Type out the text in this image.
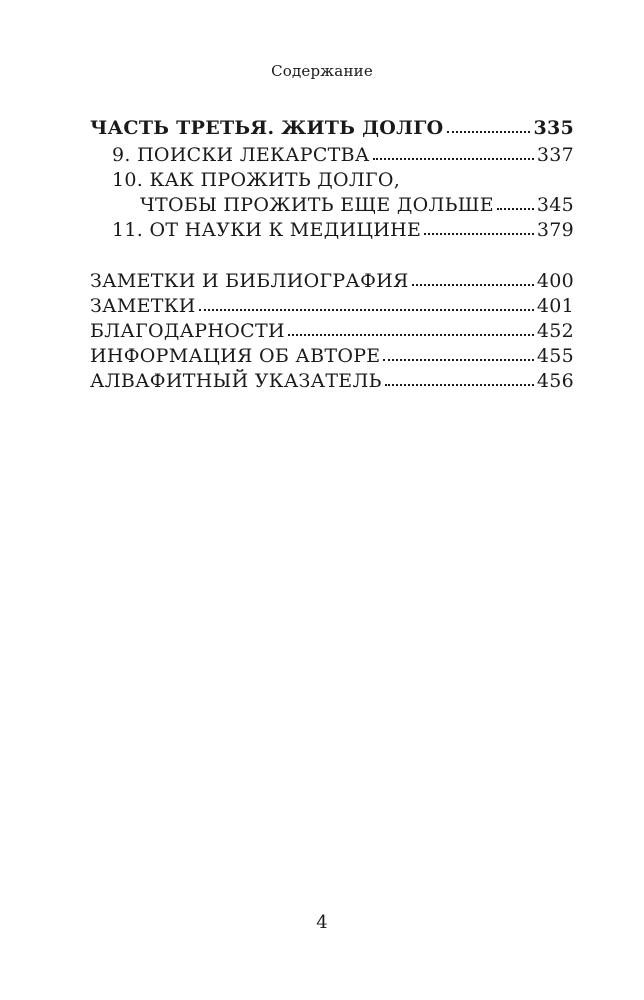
Содержание
ЧАСТЬ ТРЕТЬЯ. ЖИТЬ ДОЛГО	335
9. ПОИСКИ ЛЕКАРСТВА	337
10. КАК ПРОЖИТЬ ДОЛГО,
ЧТОБЫ ПРОЖИТЬ ЕЩЕ ДОЛЬШЕ 345
11. ОТ НАУКИ К МЕДИЦИНЕ	379
ЗАМЕТКИ И БИБЛИОГРАФИЯ	400
ЗАМЕТКИ	401
БЛАГОДАРНОСТИ	452
ИНФОРМАЦИЯ ОБ АВТОРЕ	455
АЛВАФИТНЫЙ УКАЗАТЕЛЬ	456
4
